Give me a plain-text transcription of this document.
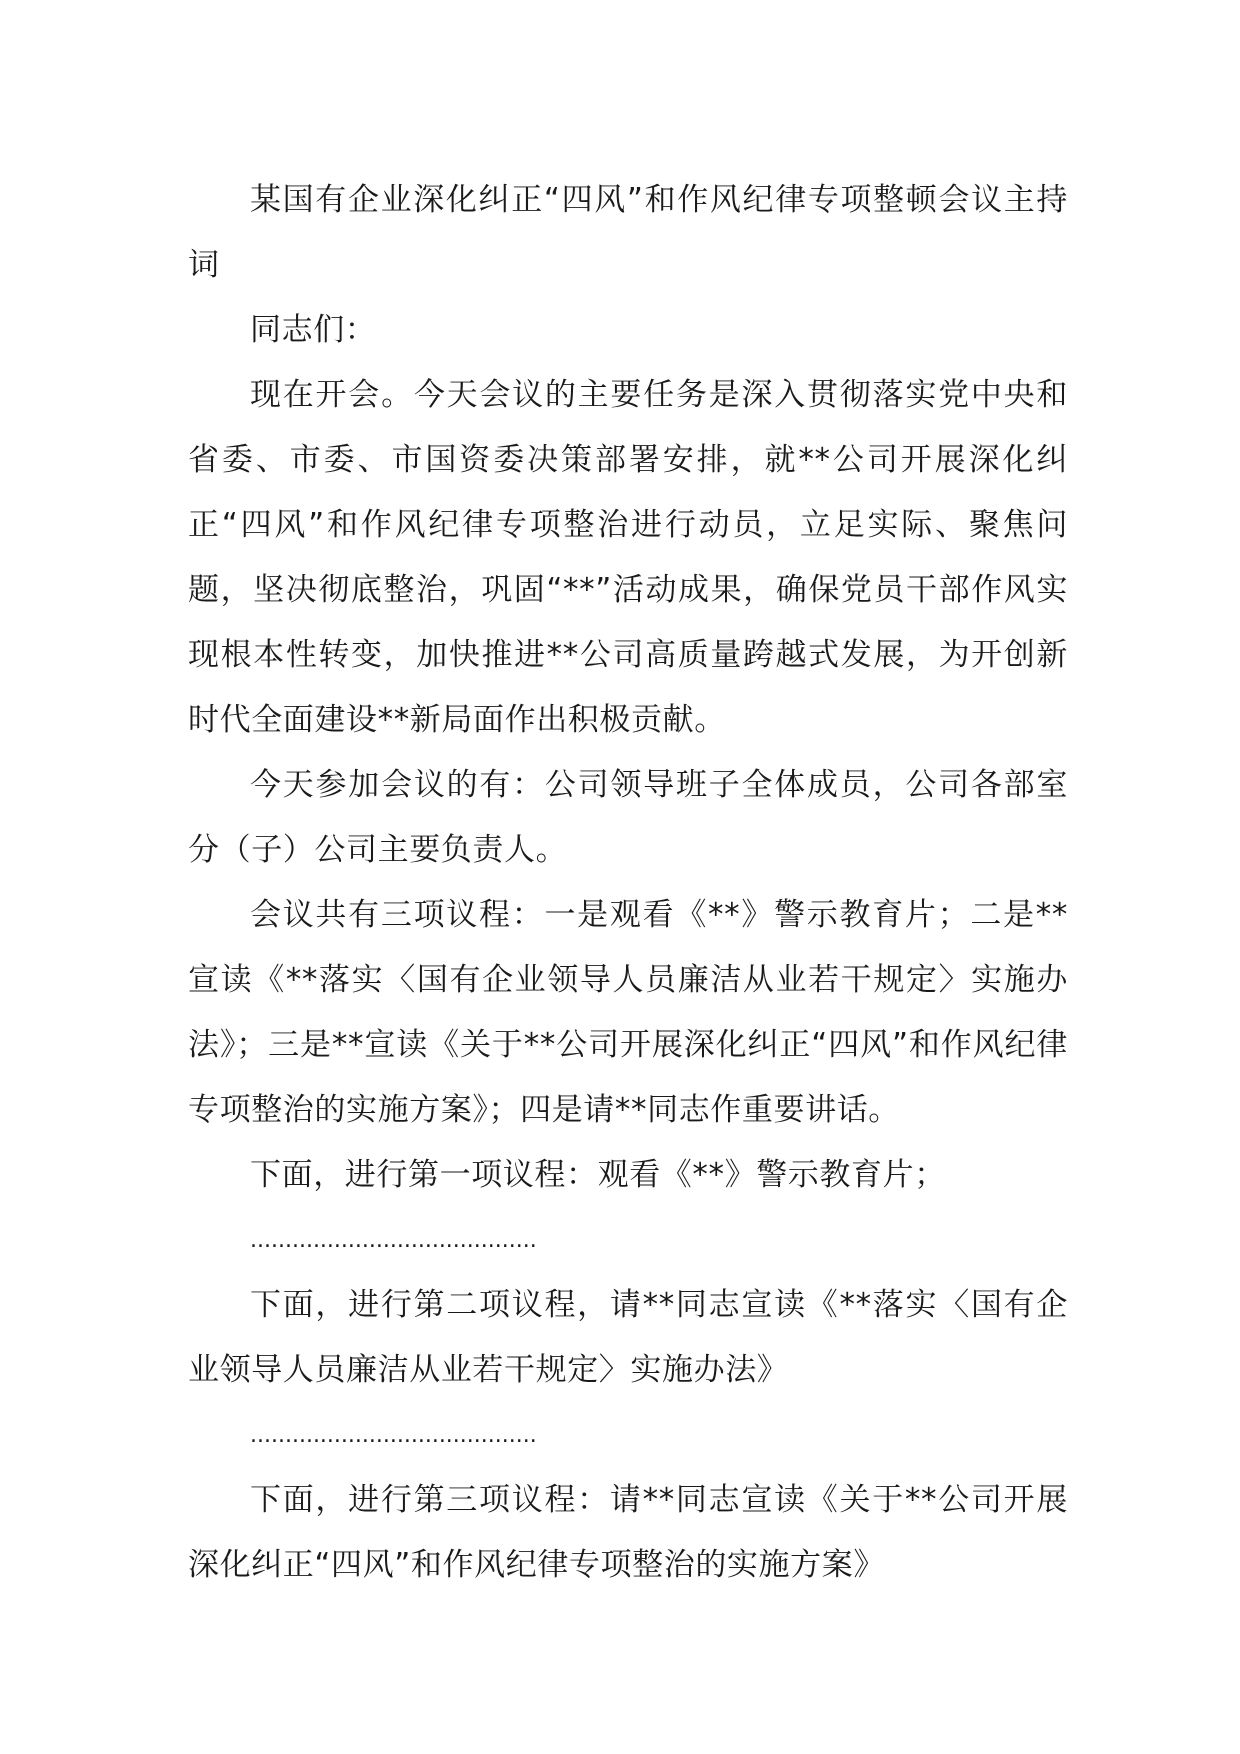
某国有企业深化纠正“四风”和作风纪律专项整顿会议主持词

同志们：

现在开会。今天会议的主要任务是深入贯彻落实党中央和省委、市委、市国资委决策部署安排，就**公司开展深化纠正“四风”和作风纪律专项整治进行动员，立足实际、聚焦问题，坚决彻底整治，巩固“**”活动成果，确保党员干部作风实现根本性转变，加快推进**公司高质量跨越式发展，为开创新时代全面建设**新局面作出积极贡献。

今天参加会议的有：公司领导班子全体成员，公司各部室分（子）公司主要负责人。

会议共有三项议程：一是观看《**》警示教育片；二是**宣读《**落实〈国有企业领导人员廉洁从业若干规定〉实施办法》；三是**宣读《关于**公司开展深化纠正“四风”和作风纪律专项整治的实施方案》；四是请**同志作重要讲话。

下面，进行第一项议程：观看《**》警示教育片；

.........................................

下面，进行第二项议程，请**同志宣读《**落实〈国有企业领导人员廉洁从业若干规定〉实施办法》

.........................................

下面，进行第三项议程：请**同志宣读《关于**公司开展深化纠正“四风”和作风纪律专项整治的实施方案》
